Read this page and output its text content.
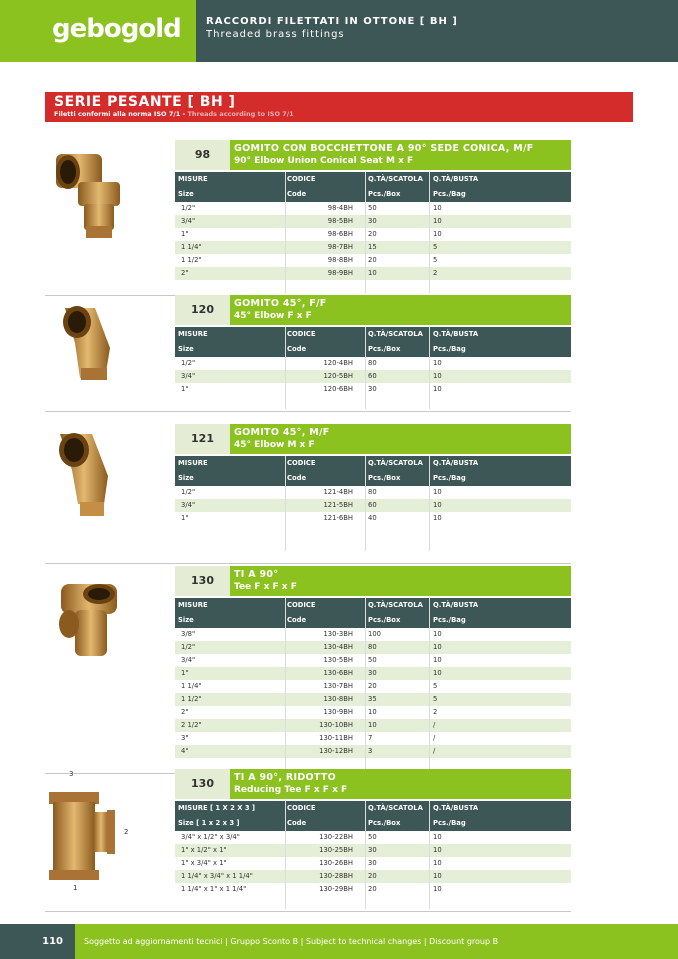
gebogold	RACCORDI FILETTATI IN OTTONE [ BH ]
Threaded brass fittings
SERIE PESANTE [ BH ]
Filetti conformi alla norma ISO 7/1 - Threads according to ISO 7/1
98	GOMITO CON BOCCHETTONE A 90° SEDE CONICA, M/F
90° Elbow Union Conical Seat M x F
MISURE	CODICE	Q.TÀ/SCATOLA Q.TÀ/BUSTA
Size	Code	Pcs./Box	Pcs./Bag
1/2"	98-4BH 50	10
3/4"	98-5BH 30	10
1"	98-6BH 20	10
1 1/4"	98-7BH 15	5
1 1/2"	98-8BH 20	5
2"	98-9BH 10	2
120	GOMITO 45°, F/F
45° Elbow F x F
MISURE	CODICE	Q.TÀ/SCATOLA Q.TÀ/BUSTA
Size	Code	Pcs./Box	Pcs./Bag
1/2"	120-4BH 80	10
3/4"	120-5BH 60	10
1"	120-6BH 30	10
121	GOMITO 45°, M/F
45° Elbow M x F
MISURE	CODICE	Q.TÀ/SCATOLA Q.TÀ/BUSTA
Size	Code	Pcs./Box	Pcs./Bag
1/2"	121-4BH 80	10
3/4"	121-5BH 60	10
1"	121-6BH 40	10
130	TI A 90°
Tee F x F x F
MISURE	CODICE	Q.TÀ/SCATOLA Q.TÀ/BUSTA
Size	Code	Pcs./Box	Pcs./Bag
3/8"	130-3BH 100	10
1/2"	130-4BH 80	10
3/4"	130-5BH 50	10
1"	130-6BH 30	10
1 1/4"	130-7BH 20	5
1 1/2"	130-8BH 35	5
2"	130-9BH 10	2
2 1/2"	130-10BH 10	/
3"	130-11BH 7	/
4"	130-12BH 3	/
130	TI A 90°, RIDOTTO
Reducing Tee F x F x F
MISURE [ 1 X 2 X 3 ]	CODICE	Q.TÀ/SCATOLA Q.TÀ/BUSTA
Size [ 1 x 2 x 3 ]	Code	Pcs./Box	Pcs./Bag
3/4" x 1/2" x 3/4"	130-22BH 50	10
1" x 1/2" x 1"	130-25BH 30	10
1" x 3/4" x 1"	130-26BH 30	10
1 1/4" x 3/4" x 1 1/4"	130-28BH 20	10
1 1/4" x 1" x 1 1/4"	130-29BH 20	10
3
2
1
110	Soggetto ad aggiornamenti tecnici | Gruppo Sconto B | Subject to technical changes | Discount group B
